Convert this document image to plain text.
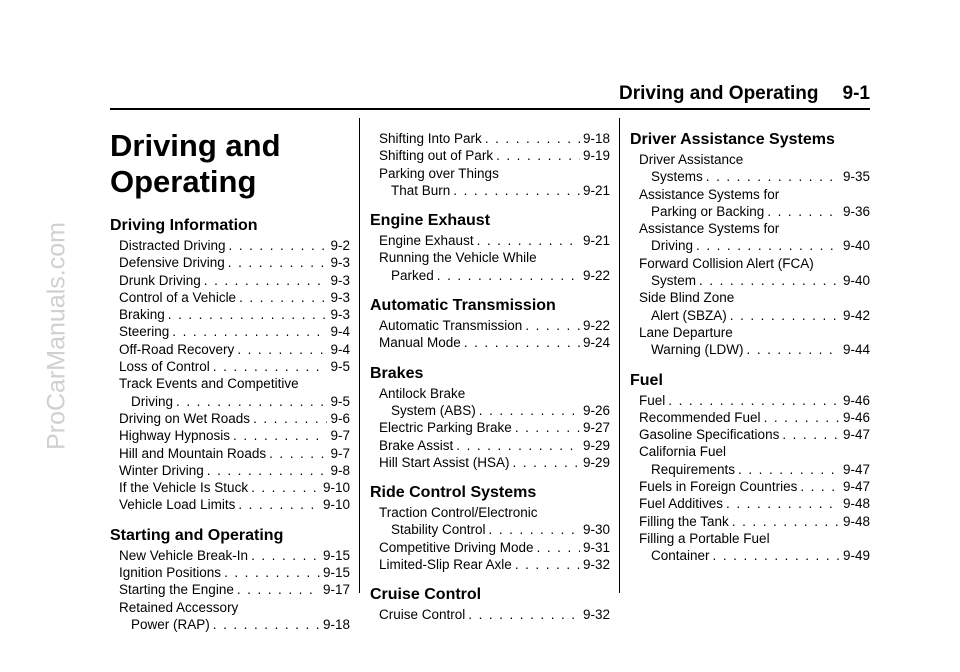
ProCarManuals.com
Driving and Operating 9-1
Driving and
Operating
Driving Information
Distracted Driving . . .	9-2
Defensive Driving . . .	9-3
Drunk Driving . . .	9-3
Control of a Vehicle . . .	9-3
Braking . . .	9-3
Steering . . .	9-4
Off-Road Recovery . . .	9-4
Loss of Control . . .	9-5
Track Events and Competitive
Driving . . .	9-5
Driving on Wet Roads . . .	9-6
Highway Hypnosis . . .	9-7
Hill and Mountain Roads . . .	9-7
Winter Driving . . .	9-8
If the Vehicle Is Stuck . . .	9-10
Vehicle Load Limits . . .	9-10
Starting and Operating
New Vehicle Break-In . . .	9-15
Ignition Positions . . .	9-15
Starting the Engine . . .	9-17
Retained Accessory
Power (RAP) . . .	9-18
Shifting Into Park . . .	9-18
Shifting out of Park . . .	9-19
Parking over Things
That Burn . . .	9-21
Engine Exhaust
Engine Exhaust . . .	9-21
Running the Vehicle While
Parked . . .	9-22
Automatic Transmission
Automatic Transmission . . .	9-22
Manual Mode . . .	9-24
Brakes
Antilock Brake
System (ABS) . . .	9-26
Electric Parking Brake . . .	9-27
Brake Assist . . .	9-29
Hill Start Assist (HSA) . . .	9-29
Ride Control Systems
Traction Control/Electronic
Stability Control . . .	9-30
Competitive Driving Mode . . .	9-31
Limited-Slip Rear Axle . . .	9-32
Cruise Control
Cruise Control . . .	9-32
Driver Assistance Systems
Driver Assistance
Systems . . .	9-35
Assistance Systems for
Parking or Backing . . .	9-36
Assistance Systems for
Driving . . .	9-40
Forward Collision Alert (FCA)
System . . .	9-40
Side Blind Zone
Alert (SBZA) . . .	9-42
Lane Departure
Warning (LDW) . . .	9-44
Fuel
Fuel . . .	9-46
Recommended Fuel . . .	9-46
Gasoline Specifications . . .	9-47
California Fuel
Requirements . . .	9-47
Fuels in Foreign Countries . . .	9-47
Fuel Additives . . .	9-48
Filling the Tank . . .	9-48
Filling a Portable Fuel
Container . . .	9-49
